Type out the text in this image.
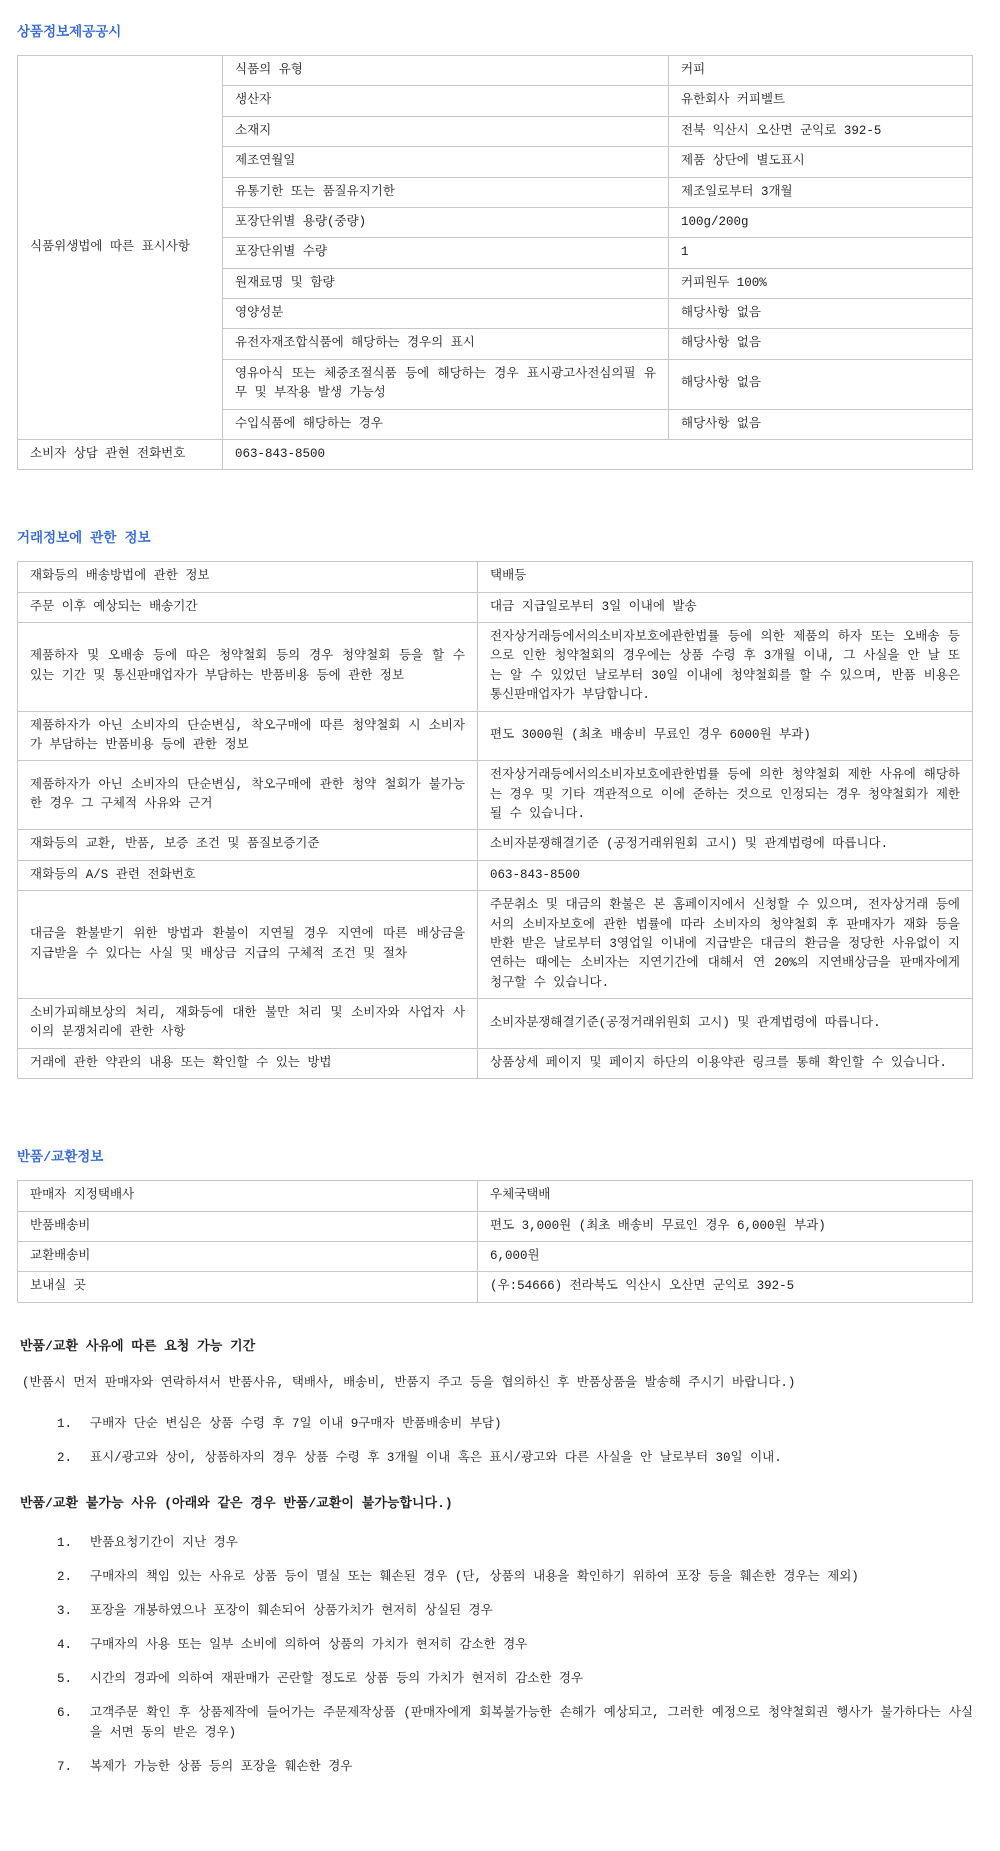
상품정보제공공시
식품위생법에 따른 표시사항	식품의 유형	커피
	생산자	유한회사 커피벨트
	소재지	전북 익산시 오산면 군익로 392-5
	제조연월일	제품 상단에 별도표시
	유통기한 또는 품질유지기한	제조일로부터 3개월
	포장단위별 용량(중량)	100g/200g
	포장단위별 수량	1
	원재료명 및 함량	커피원두 100%
	영양성분	해당사항 없음
	유전자재조합식품에 해당하는 경우의 표시	해당사항 없음
	영유아식 또는 체중조절식품 등에 해당하는 경우 표시광고사전심의필 유무 및 부작용 발생 가능성	해당사항 없음
	수입식품에 해당하는 경우	해당사항 없음
소비자 상담 관현 전화번호	063-843-8500	
거래정보에 관한 정보
재화등의 배송방법에 관한 정보	택배등
주문 이후 예상되는 배송기간	대금 지급일로부터 3일 이내에 발송
제품하자 및 오배송 등에 따은 청약철회 등의 경우 청약철회 등을 할 수 있는 기간 및 통신판매업자가 부담하는 반품비용 등에 관한 정보	전자상거래등에서의소비자보호에관한법률 등에 의한 제품의 하자 또는 오배송 등으로 인한 청약철회의 경우에는 상품 수령 후 3개월 이내, 그 사실을 안 날 또는 알 수 있었던 날로부터 30일 이내에 청약철회를 할 수 있으며, 반품 비용은 통신판매업자가 부담합니다.
제품하자가 아닌 소비자의 단순변심, 착오구매에 따른 청약철회 시 소비자가 부담하는 반품비용 등에 관한 정보	편도 3000원 (최초 배송비 무료인 경우 6000원 부과)
제품하자가 아닌 소비자의 단순변심, 착오구매에 관한 청약 철회가 불가능한 경우 그 구체적 사유와 근거	전자상거래등에서의소비자보호에관한법률 등에 의한 청약철회 제한 사유에 해당하는 경우 및 기타 객관적으로 이에 준하는 것으로 인정되는 경우 청약철회가 제한될 수 있습니다.
재화등의 교환, 반품, 보증 조건 및 품질보증기준	소비자분쟁해결기준 (공정거래위원회 고시) 및 관계법령에 따릅니다.
재화등의 A/S 관련 전화번호	063-843-8500
대금을 환불받기 위한 방법과 환불이 지연될 경우 지연에 따른 배상금을 지급받을 수 있다는 사실 및 배상금 지급의 구체적 조건 및 절차	주문취소 및 대금의 환불은 본 홈페이지에서 신청할 수 있으며, 전자상거래 등에서의 소비자보호에 관한 법률에 따라 소비자의 청약철회 후 판매자가 재화 등을 반환 받은 날로부터 3영업일 이내에 지급받은 대금의 환금을 정당한 사유없이 지연하는 때에는 소비자는 지연기간에 대해서 연 20%의 지연배상금을 판매자에게 청구할 수 있습니다.
소비가피해보상의 처리, 재화등에 대한 불만 처리 및 소비자와 사업자 사이의 분쟁처리에 관한 사항	소비자분쟁해결기준(공정거래위원회 고시) 및 관계법령에 따릅니다.
거래에 관한 약관의 내용 또는 확인할 수 있는 방법	상품상세 페이지 및 페이지 하단의 이용약관 링크를 통해 확인할 수 있습니다.
반품/교환정보
판매자 지정택배사	우체국택배
반품배송비	편도 3,000원 (최초 배송비 무료인 경우 6,000원 부과)
교환배송비	6,000원
보내실 곳	(우:54666) 전라북도 익산시 오산면 군익로 392-5

반품/교환 사유에 따른 요청 가능 기간

(반품시 먼저 판매자와 연락하셔서 반품사유, 택배사, 배송비, 반품지 주고 등을 협의하신 후 반품상품을 발송해 주시기 바랍니다.)

구배자 단순 변심은 상품 수령 후 7일 이내 9구매자 반품배송비 부담)
표시/광고와 상이, 상품하자의 경우 상품 수령 후 3개월 이내 혹은 표시/광고와 다른 사실을 안 날로부터 30일 이내.

반품/교환 불가능 사유 (아래와 같은 경우 반품/교환이 불가능합니다.)

반품요청기간이 지난 경우
구매자의 책임 있는 사유로 상품 등이 멸실 또는 훼손된 경우 (단, 상품의 내용을 확인하기 위하여 포장 등을 훼손한 경우는 제외)
포장을 개봉하였으나 포장이 훼손되어 상품가치가 현저히 상실된 경우
구매자의 사용 또는 일부 소비에 의하여 상품의 가치가 현저히 감소한 경우
시간의 경과에 의하여 재판매가 곤란할 정도로 상품 등의 가치가 현저히 감소한 경우
고객주문 확인 후 상품제작에 들어가는 주문제작상품 (판매자에게 회복불가능한 손해가 예상되고, 그러한 예정으로 청약철회권 행사가 불가하다는 사실을 서면 동의 받은 경우)
복제가 가능한 상품 등의 포장을 훼손한 경우
